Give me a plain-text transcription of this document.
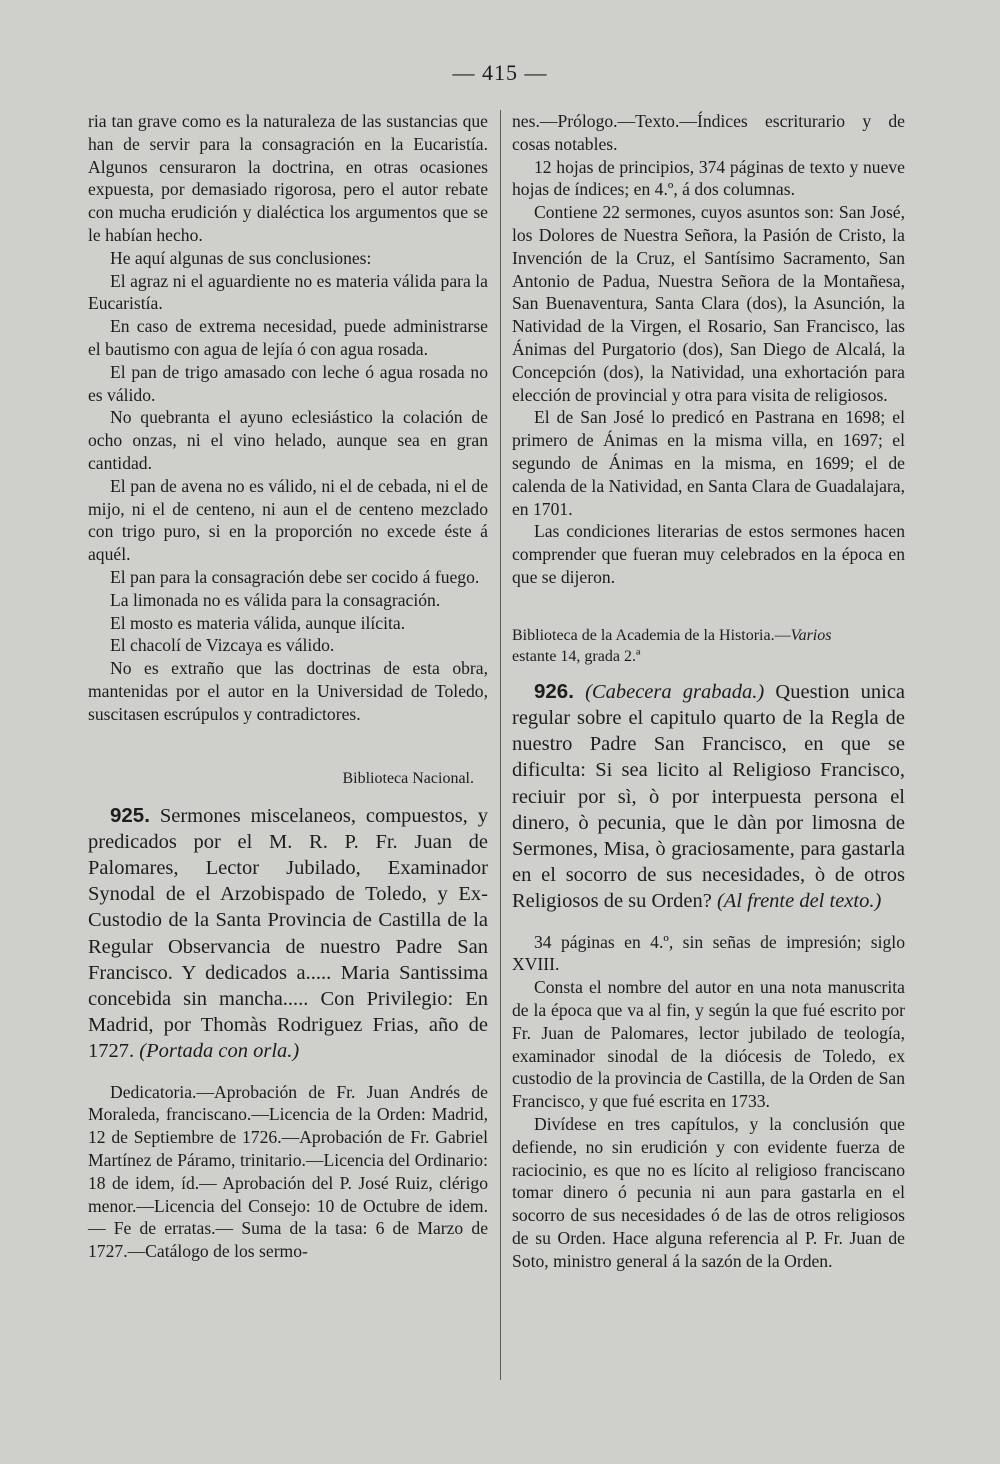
— 415 —

ria tan grave como es la naturaleza de las sustancias que han de servir para la consagración en la Eucaristía. Algunos censuraron la doctrina, en otras ocasiones expuesta, por demasiado rigorosa, pero el autor rebate con mucha erudición y dialéctica los argumentos que se le habían hecho.

He aquí algunas de sus conclusiones:

El agraz ni el aguardiente no es materia válida para la Eucaristía.

En caso de extrema necesidad, puede administrarse el bautismo con agua de lejía ó con agua rosada.

El pan de trigo amasado con leche ó agua rosada no es válido.

No quebranta el ayuno eclesiástico la colación de ocho onzas, ni el vino helado, aunque sea en gran cantidad.

El pan de avena no es válido, ni el de cebada, ni el de mijo, ni el de centeno, ni aun el de centeno mezclado con trigo puro, si en la proporción no excede éste á aquél.

El pan para la consagración debe ser cocido á fuego.

La limonada no es válida para la consagración.

El mosto es materia válida, aunque ilícita.

El chacolí de Vizcaya es válido.

No es extraño que las doctrinas de esta obra, mantenidas por el autor en la Universidad de Toledo, suscitasen escrúpulos y contradictores.

Biblioteca Nacional.

925. Sermones miscelaneos, compuestos, y predicados por el M. R. P. Fr. Juan de Palomares, Lector Jubilado, Examinador Synodal de el Arzobispado de Toledo, y Ex-Custodio de la Santa Provincia de Castilla de la Regular Observancia de nuestro Padre San Francisco. Y dedicados a..... Maria Santissima concebida sin mancha..... Con Privilegio: En Madrid, por Thomàs Rodriguez Frias, año de 1727. (Portada con orla.)

Dedicatoria.—Aprobación de Fr. Juan Andrés de Moraleda, franciscano.—Licencia de la Orden: Madrid, 12 de Septiembre de 1726.—Aprobación de Fr. Gabriel Martínez de Páramo, trinitario.—Licencia del Ordinario: 18 de idem, íd.— Aprobación del P. José Ruiz, clérigo menor.—Licencia del Consejo: 10 de Octubre de idem.— Fe de erratas.— Suma de la tasa: 6 de Marzo de 1727.—Catálogo de los sermo-

nes.—Prólogo.—Texto.—Índices escriturario y de cosas notables.

12 hojas de principios, 374 páginas de texto y nueve hojas de índices; en 4.º, á dos columnas.

Contiene 22 sermones, cuyos asuntos son: San José, los Dolores de Nuestra Señora, la Pasión de Cristo, la Invención de la Cruz, el Santísimo Sacramento, San Antonio de Padua, Nuestra Señora de la Montañesa, San Buenaventura, Santa Clara (dos), la Asunción, la Natividad de la Virgen, el Rosario, San Francisco, las Ánimas del Purgatorio (dos), San Diego de Alcalá, la Concepción (dos), la Natividad, una exhortación para elección de provincial y otra para visita de religiosos.

El de San José lo predicó en Pastrana en 1698; el primero de Ánimas en la misma villa, en 1697; el segundo de Ánimas en la misma, en 1699; el de calenda de la Natividad, en Santa Clara de Guadalajara, en 1701.

Las condiciones literarias de estos sermones hacen comprender que fueran muy celebrados en la época en que se dijeron.

Biblioteca de la Academia de la Historia.—Varios
estante 14, grada 2.ª

926. (Cabecera grabada.) Question unica regular sobre el capitulo quarto de la Regla de nuestro Padre San Francisco, en que se dificulta: Si sea licito al Religioso Francisco, reciuir por sì, ò por interpuesta persona el dinero, ò pecunia, que le dàn por limosna de Sermones, Misa, ò graciosamente, para gastarla en el socorro de sus necesidades, ò de otros Religiosos de su Orden? (Al frente del texto.)

34 páginas en 4.º, sin señas de impresión; siglo XVIII.

Consta el nombre del autor en una nota manuscrita de la época que va al fin, y según la que fué escrito por Fr. Juan de Palomares, lector jubilado de teología, examinador sinodal de la diócesis de Toledo, ex custodio de la provincia de Castilla, de la Orden de San Francisco, y que fué escrita en 1733.

Divídese en tres capítulos, y la conclusión que defiende, no sin erudición y con evidente fuerza de raciocinio, es que no es lícito al religioso franciscano tomar dinero ó pecunia ni aun para gastarla en el socorro de sus necesidades ó de las de otros religiosos de su Orden. Hace alguna referencia al P. Fr. Juan de Soto, ministro general á la sazón de la Orden.
